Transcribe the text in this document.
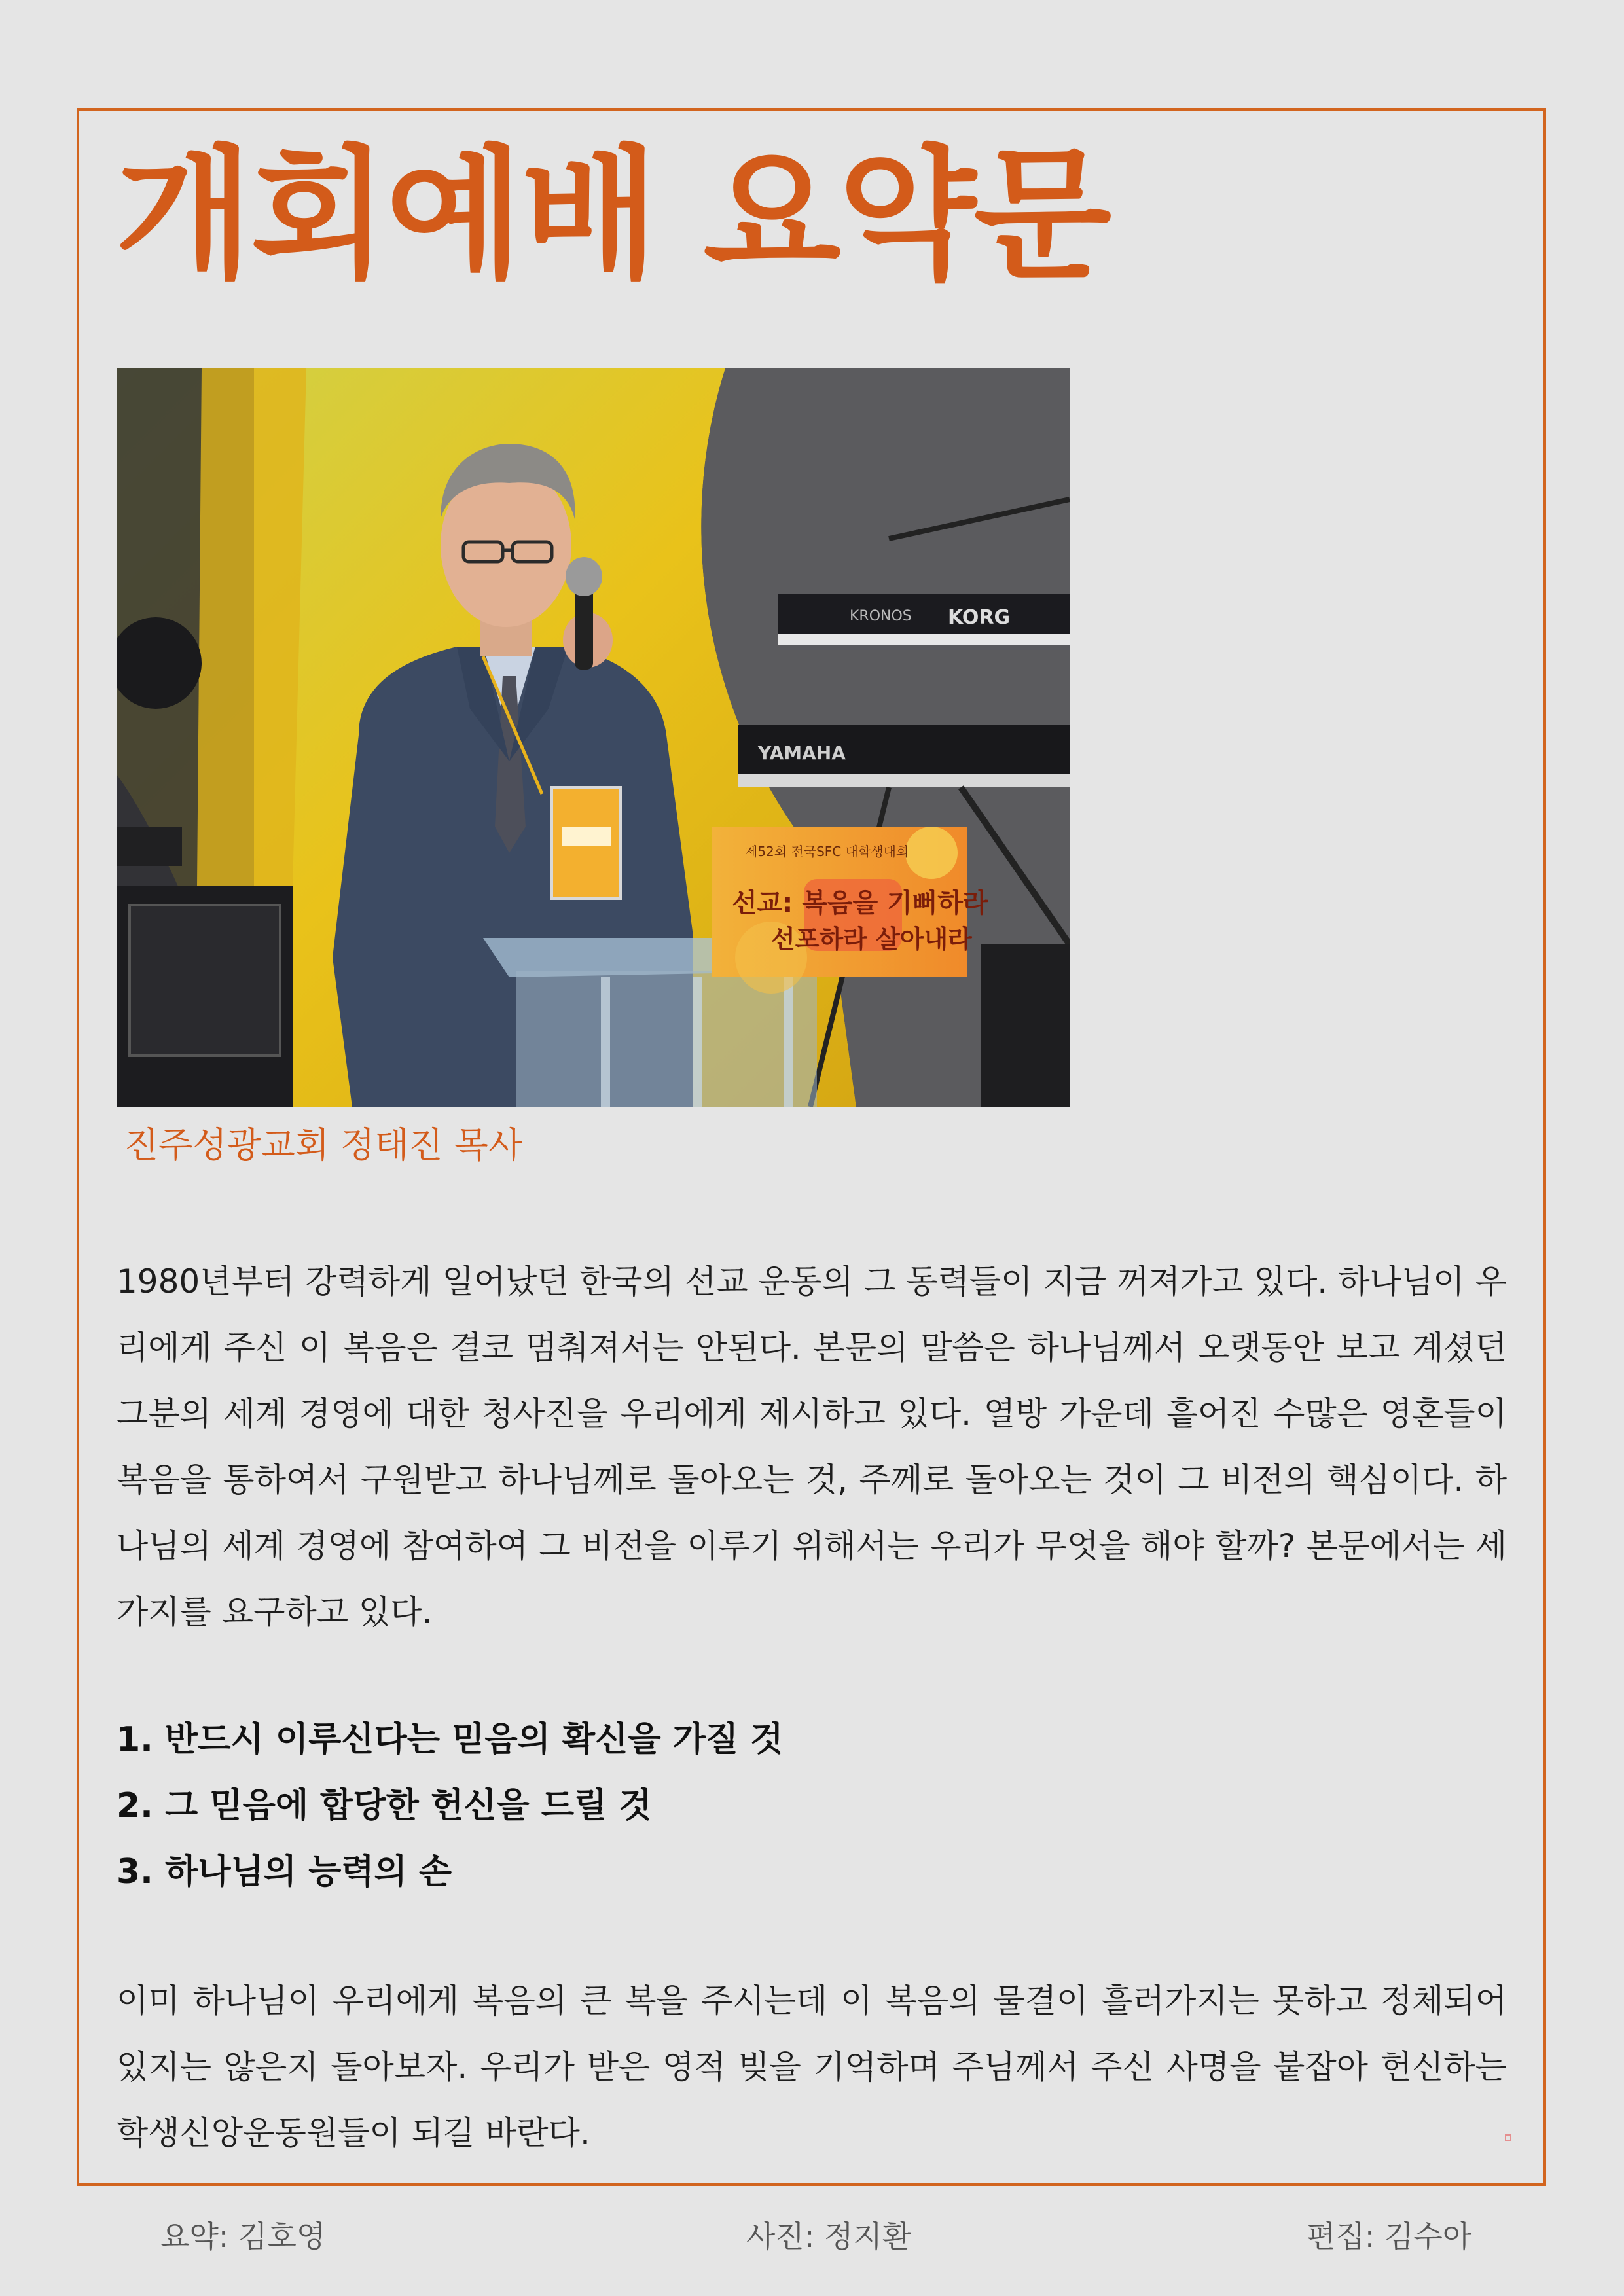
개회예배 요약문
KRONOS KORG
YAMAHA
제52회 전국SFC 대학생대회
선교: 복음을 기뻐하라
선포하라 살아내라
진주성광교회 정태진 목사

1980년부터 강력하게 일어났던 한국의 선교 운동의 그 동력들이 지금 꺼져가고 있다. 하나님이 우리에게 주신 이 복음은 결코 멈춰져서는 안된다. 본문의 말씀은 하나님께서 오랫동안 보고 계셨던 그분의 세계 경영에 대한 청사진을 우리에게 제시하고 있다. 열방 가운데 흩어진 수많은 영혼들이 복음을 통하여서 구원받고 하나님께로 돌아오는 것, 주께로 돌아오는 것이 그 비전의 핵심이다. 하나님의 세계 경영에 참여하여 그 비전을 이루기 위해서는 우리가 무엇을 해야 할까? 본문에서는 세 가지를 요구하고 있다.

1. 반드시 이루신다는 믿음의 확신을 가질 것
2. 그 믿음에 합당한 헌신을 드릴 것
3. 하나님의 능력의 손

이미 하나님이 우리에게 복음의 큰 복을 주시는데 이 복음의 물결이 흘러가지는 못하고 정체되어 있지는 않은지 돌아보자. 우리가 받은 영적 빚을 기억하며 주님께서 주신 사명을 붙잡아 헌신하는 학생신앙운동원들이 되길 바란다.

요약: 김호영	사진: 정지환	편집: 김수아
